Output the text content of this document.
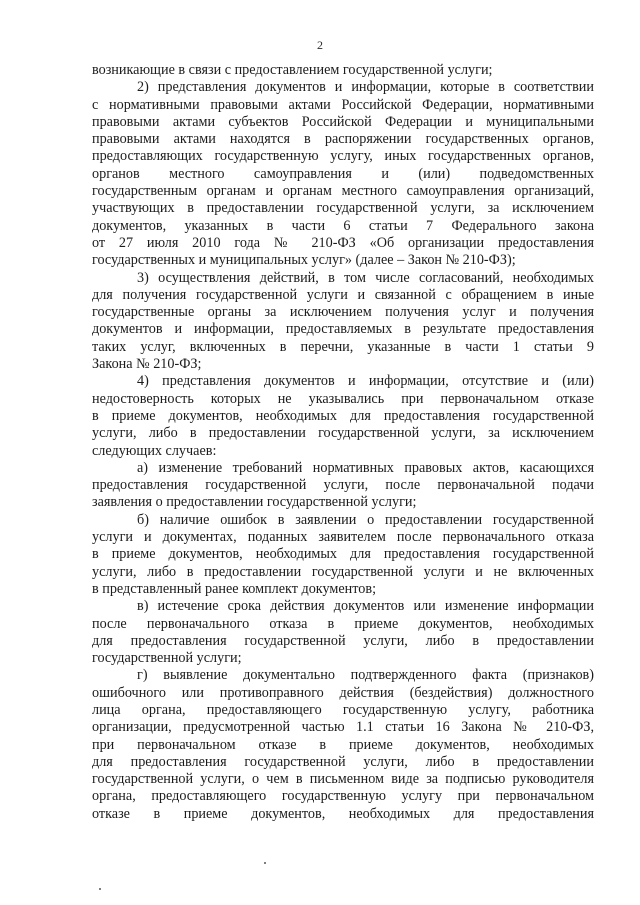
2
возникающие в связи с предоставлением государственной услуги;
2) представления документов и информации, которые в соответствии
с нормативными правовыми актами Российской Федерации, нормативными
правовыми актами субъектов Российской Федерации и муниципальными
правовыми актами находятся в распоряжении государственных органов,
предоставляющих государственную услугу, иных государственных органов,
органов местного самоуправления и (или) подведомственных
государственным органам и органам местного самоуправления организаций,
участвующих в предоставлении государственной услуги, за исключением
документов, указанных в части 6 статьи 7 Федерального закона
от 27 июля 2010 года № 210-ФЗ «Об организации предоставления
государственных и муниципальных услуг» (далее – Закон № 210-ФЗ);
3) осуществления действий, в том числе согласований, необходимых
для получения государственной услуги и связанной с обращением в иные
государственные органы за исключением получения услуг и получения
документов и информации, предоставляемых в результате предоставления
таких услуг, включенных в перечни, указанные в части 1 статьи 9
Закона № 210-ФЗ;
4) представления документов и информации, отсутствие и (или)
недостоверность которых не указывались при первоначальном отказе
в приеме документов, необходимых для предоставления государственной
услуги, либо в предоставлении государственной услуги, за исключением
следующих случаев:
а) изменение требований нормативных правовых актов, касающихся
предоставления государственной услуги, после первоначальной подачи
заявления о предоставлении государственной услуги;
б) наличие ошибок в заявлении о предоставлении государственной
услуги и документах, поданных заявителем после первоначального отказа
в приеме документов, необходимых для предоставления государственной
услуги, либо в предоставлении государственной услуги и не включенных
в представленный ранее комплект документов;
в) истечение срока действия документов или изменение информации
после первоначального отказа в приеме документов, необходимых
для предоставления государственной услуги, либо в предоставлении
государственной услуги;
г) выявление документально подтвержденного факта (признаков)
ошибочного или противоправного действия (бездействия) должностного
лица органа, предоставляющего государственную услугу, работника
организации, предусмотренной частью 1.1 статьи 16 Закона № 210-ФЗ,
при первоначальном отказе в приеме документов, необходимых
для предоставления государственной услуги, либо в предоставлении
государственной услуги, о чем в письменном виде за подписью руководителя
органа, предоставляющего государственную услугу при первоначальном
отказе в приеме документов, необходимых для предоставления
